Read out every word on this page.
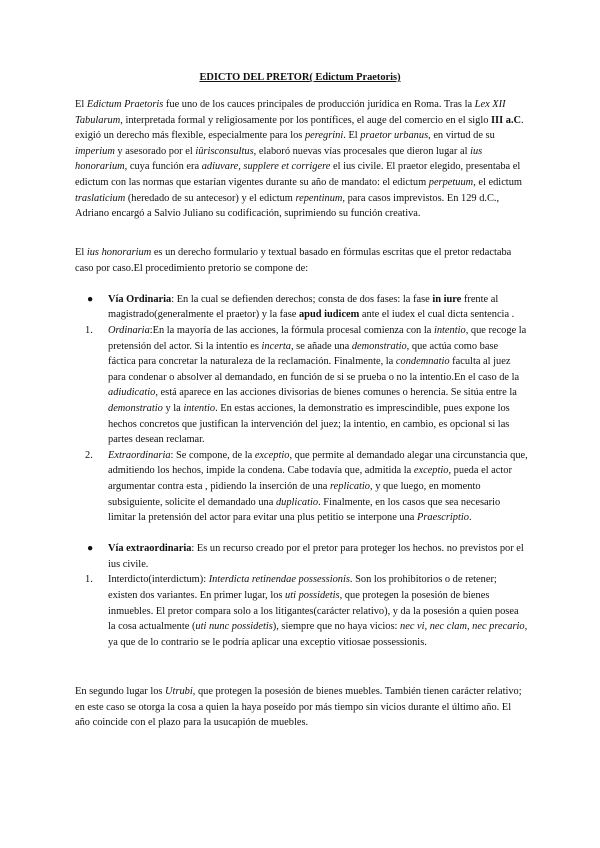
EDICTO DEL PRETOR( Edictum Praetoris)

El Edictum Praetoris fue uno de los cauces principales de producción jurídica en Roma. Tras la Lex XII Tabularum, interpretada formal y religiosamente por los pontífices, el auge del comercio en el siglo III a.C. exigió un derecho más flexible, especialmente para los peregrini. El praetor urbanus, en virtud de su imperium y asesorado por el iûrisconsultus, elaboró nuevas vías procesales que dieron lugar al ius honorarium, cuya función era adiuvare, supplere et corrigere el ius civile. El praetor elegido, presentaba el edictum con las normas que estarían vigentes durante su año de mandato: el edictum perpetuum, el edictum traslaticium (heredado de su antecesor) y el edictum repentinum, para casos imprevistos. En 129 d.C., Adriano encargó a Salvio Juliano su codificación, suprimiendo su función creativa.

El ius honorarium es un derecho formulario y textual basado en fórmulas escritas que el pretor redactaba caso por caso.El procedimiento pretorio se compone de:
● Vía Ordinaria: En la cual se defienden derechos; consta de dos fases: la fase in iure frente al magistrado(generalmente el praetor) y la fase apud iudicem ante el iudex el cual dicta sentencia .
1. Ordinaria:En la mayoría de las acciones, la fórmula procesal comienza con la intentio, que recoge la pretensión del actor. Si la intentio es incerta, se añade una demonstratio, que actúa como base fáctica para concretar la naturaleza de la reclamación. Finalmente, la condemnatio faculta al juez para condenar o absolver al demandado, en función de si se prueba o no la intentio.En el caso de la adiudicatio, está aparece en las acciones divisorias de bienes comunes o herencia. Se sitúa entre la demonstratio y la intentio. En estas acciones, la demonstratio es imprescindible, pues expone los hechos concretos que justifican la intervención del juez; la intentio, en cambio, es opcional si las partes desean reclamar.
2. Extraordinaria: Se compone, de la exceptio, que permite al demandado alegar una circunstancia que, admitiendo los hechos, impide la condena. Cabe todavía que, admitida la exceptio, pueda el actor argumentar contra esta , pidiendo la inserción de una replicatio, y que luego, en momento subsiguiente, solicite el demandado una duplicatio. Finalmente, en los casos que sea necesario limitar la pretensión del actor para evitar una plus petitio se interpone una Praescriptio.
● Vía extraordinaria: Es un recurso creado por el pretor para proteger los hechos. no previstos por el ius civile.
1. Interdicto(interdictum): Interdicta retinendae possessionis. Son los prohibitorios o de retener; existen dos variantes. En primer lugar, los uti possidetis, que protegen la posesión de bienes inmuebles. El pretor compara solo a los litigantes(carácter relativo), y da la posesión a quien posea la cosa actualmente (uti nunc possidetis), siempre que no haya vicios: nec vi, nec clam, nec precario, ya que de lo contrario se le podría aplicar una exceptio vitiosae possessionis.

En segundo lugar los Utrubi, que protegen la posesión de bienes muebles. También tienen carácter relativo; en este caso se otorga la cosa a quien la haya poseído por más tiempo sin vicios durante el último año. El año coincide con el plazo para la usucapión de muebles.
